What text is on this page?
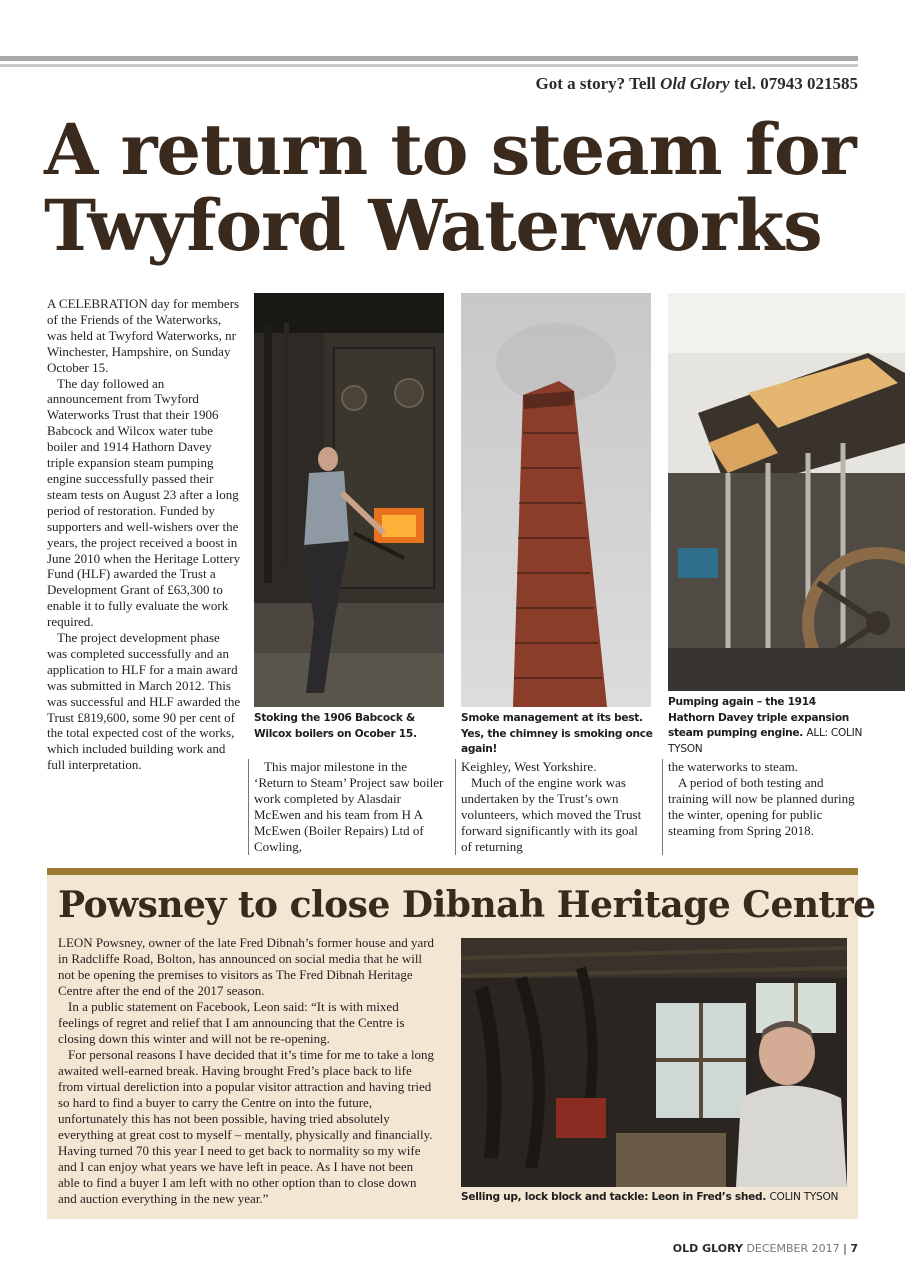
Got a story? Tell Old Glory tel. 07943 021585
A return to steam for
Twyford Waterworks

A CELEBRATION day for members of the Friends of the Waterworks, was held at Twyford Waterworks, nr Winchester, Hampshire, on Sunday October 15.

The day followed an announcement from Twyford Waterworks Trust that their 1906 Babcock and Wilcox water tube boiler and 1914 Hathorn Davey triple expansion steam pumping engine successfully passed their steam tests on August 23 after a long period of restoration. Funded by supporters and well-wishers over the years, the project received a boost in June 2010 when the Heritage Lottery Fund (HLF) awarded the Trust a Development Grant of £63,300 to enable it to fully evaluate the work required.

The project development phase was completed successfully and an application to HLF for a main award was submitted in March 2012. This was successful and HLF awarded the Trust £819,600, some 90 per cent of the total expected cost of the works, which included building work and full interpretation.

Stoking the 1906 Babcock & Wilcox boilers on Ocober 15.
Smoke management at its best. Yes, the chimney is smoking once again!
Pumping again – the 1914 Hathorn Davey triple expansion steam pumping engine. ALL: COLIN TYSON

This major milestone in the ‘Return to Steam’ Project saw boiler work completed by Alasdair McEwen and his team from H A McEwen (Boiler Repairs) Ltd of Cowling,

Keighley, West Yorkshire.

Much of the engine work was undertaken by the Trust’s own volunteers, which moved the Trust forward significantly with its goal of returning

the waterworks to steam.

A period of both testing and training will now be planned during the winter, opening for public steaming from Spring 2018.

Powsney to close Dibnah Heritage Centre

LEON Powsney, owner of the late Fred Dibnah’s former house and yard in Radcliffe Road, Bolton, has announced on social media that he will not be opening the premises to visitors as The Fred Dibnah Heritage Centre after the end of the 2017 season.

In a public statement on Facebook, Leon said: “It is with mixed feelings of regret and relief that I am announcing that the Centre is closing down this winter and will not be re-opening.

For personal reasons I have decided that it’s time for me to take a long awaited well-earned break. Having brought Fred’s place back to life from virtual dereliction into a popular visitor attraction and having tried so hard to find a buyer to carry the Centre on into the future, unfortunately this has not been possible, having tried absolutely everything at great cost to myself – mentally, physically and financially. Having turned 70 this year I need to get back to normality so my wife and I can enjoy what years we have left in peace. As I have not been able to find a buyer I am left with no other option than to close down and auction everything in the new year.”	Selling up, lock block and tackle: Leon in Fred’s shed. COLIN TYSON
OLD GLORY DECEMBER 2017 | 7
